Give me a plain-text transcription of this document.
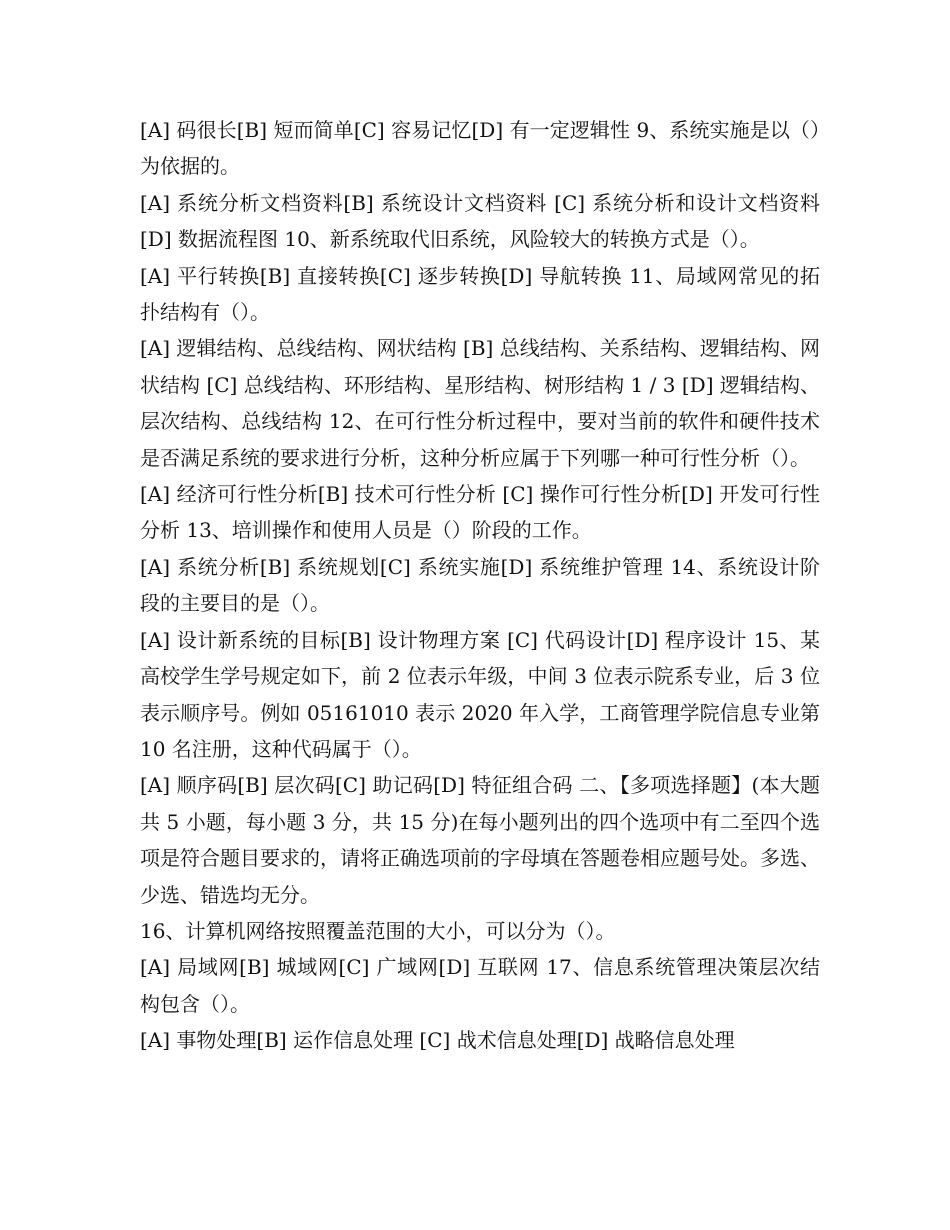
[A] 码很长[B] 短而简单[C] 容易记忆[D] 有一定逻辑性 9、系统实施是以（）为依据的。

[A] 系统分析文档资料[B] 系统设计文档资料 [C] 系统分析和设计文档资料[D] 数据流程图 10、新系统取代旧系统，风险较大的转换方式是（）。

[A] 平行转换[B] 直接转换[C] 逐步转换[D] 导航转换 11、局域网常见的拓扑结构有（）。

[A] 逻辑结构、总线结构、网状结构 [B] 总线结构、关系结构、逻辑结构、网状结构 [C] 总线结构、环形结构、星形结构、树形结构 1 / 3 [D] 逻辑结构、层次结构、总线结构 12、在可行性分析过程中，要对当前的软件和硬件技术是否满足系统的要求进行分析，这种分析应属于下列哪一种可行性分析（）。

[A] 经济可行性分析[B] 技术可行性分析 [C] 操作可行性分析[D] 开发可行性分析 13、培训操作和使用人员是（）阶段的工作。

[A] 系统分析[B] 系统规划[C] 系统实施[D] 系统维护管理 14、系统设计阶段的主要目的是（）。

[A] 设计新系统的目标[B] 设计物理方案 [C] 代码设计[D] 程序设计 15、某高校学生学号规定如下，前 2 位表示年级，中间 3 位表示院系专业，后 3 位表示顺序号。例如 05161010 表示 2020 年入学，工商管理学院信息专业第 10 名注册，这种代码属于（）。

[A] 顺序码[B] 层次码[C] 助记码[D] 特征组合码 二、【多项选择题】(本大题共 5 小题，每小题 3 分，共 15 分)在每小题列出的四个选项中有二至四个选项是符合题目要求的，请将正确选项前的字母填在答题卷相应题号处。多选、少选、错选均无分。

16、计算机网络按照覆盖范围的大小，可以分为（）。

[A] 局域网[B] 城域网[C] 广域网[D] 互联网 17、信息系统管理决策层次结构包含（）。

[A] 事物处理[B] 运作信息处理 [C] 战术信息处理[D] 战略信息处理
